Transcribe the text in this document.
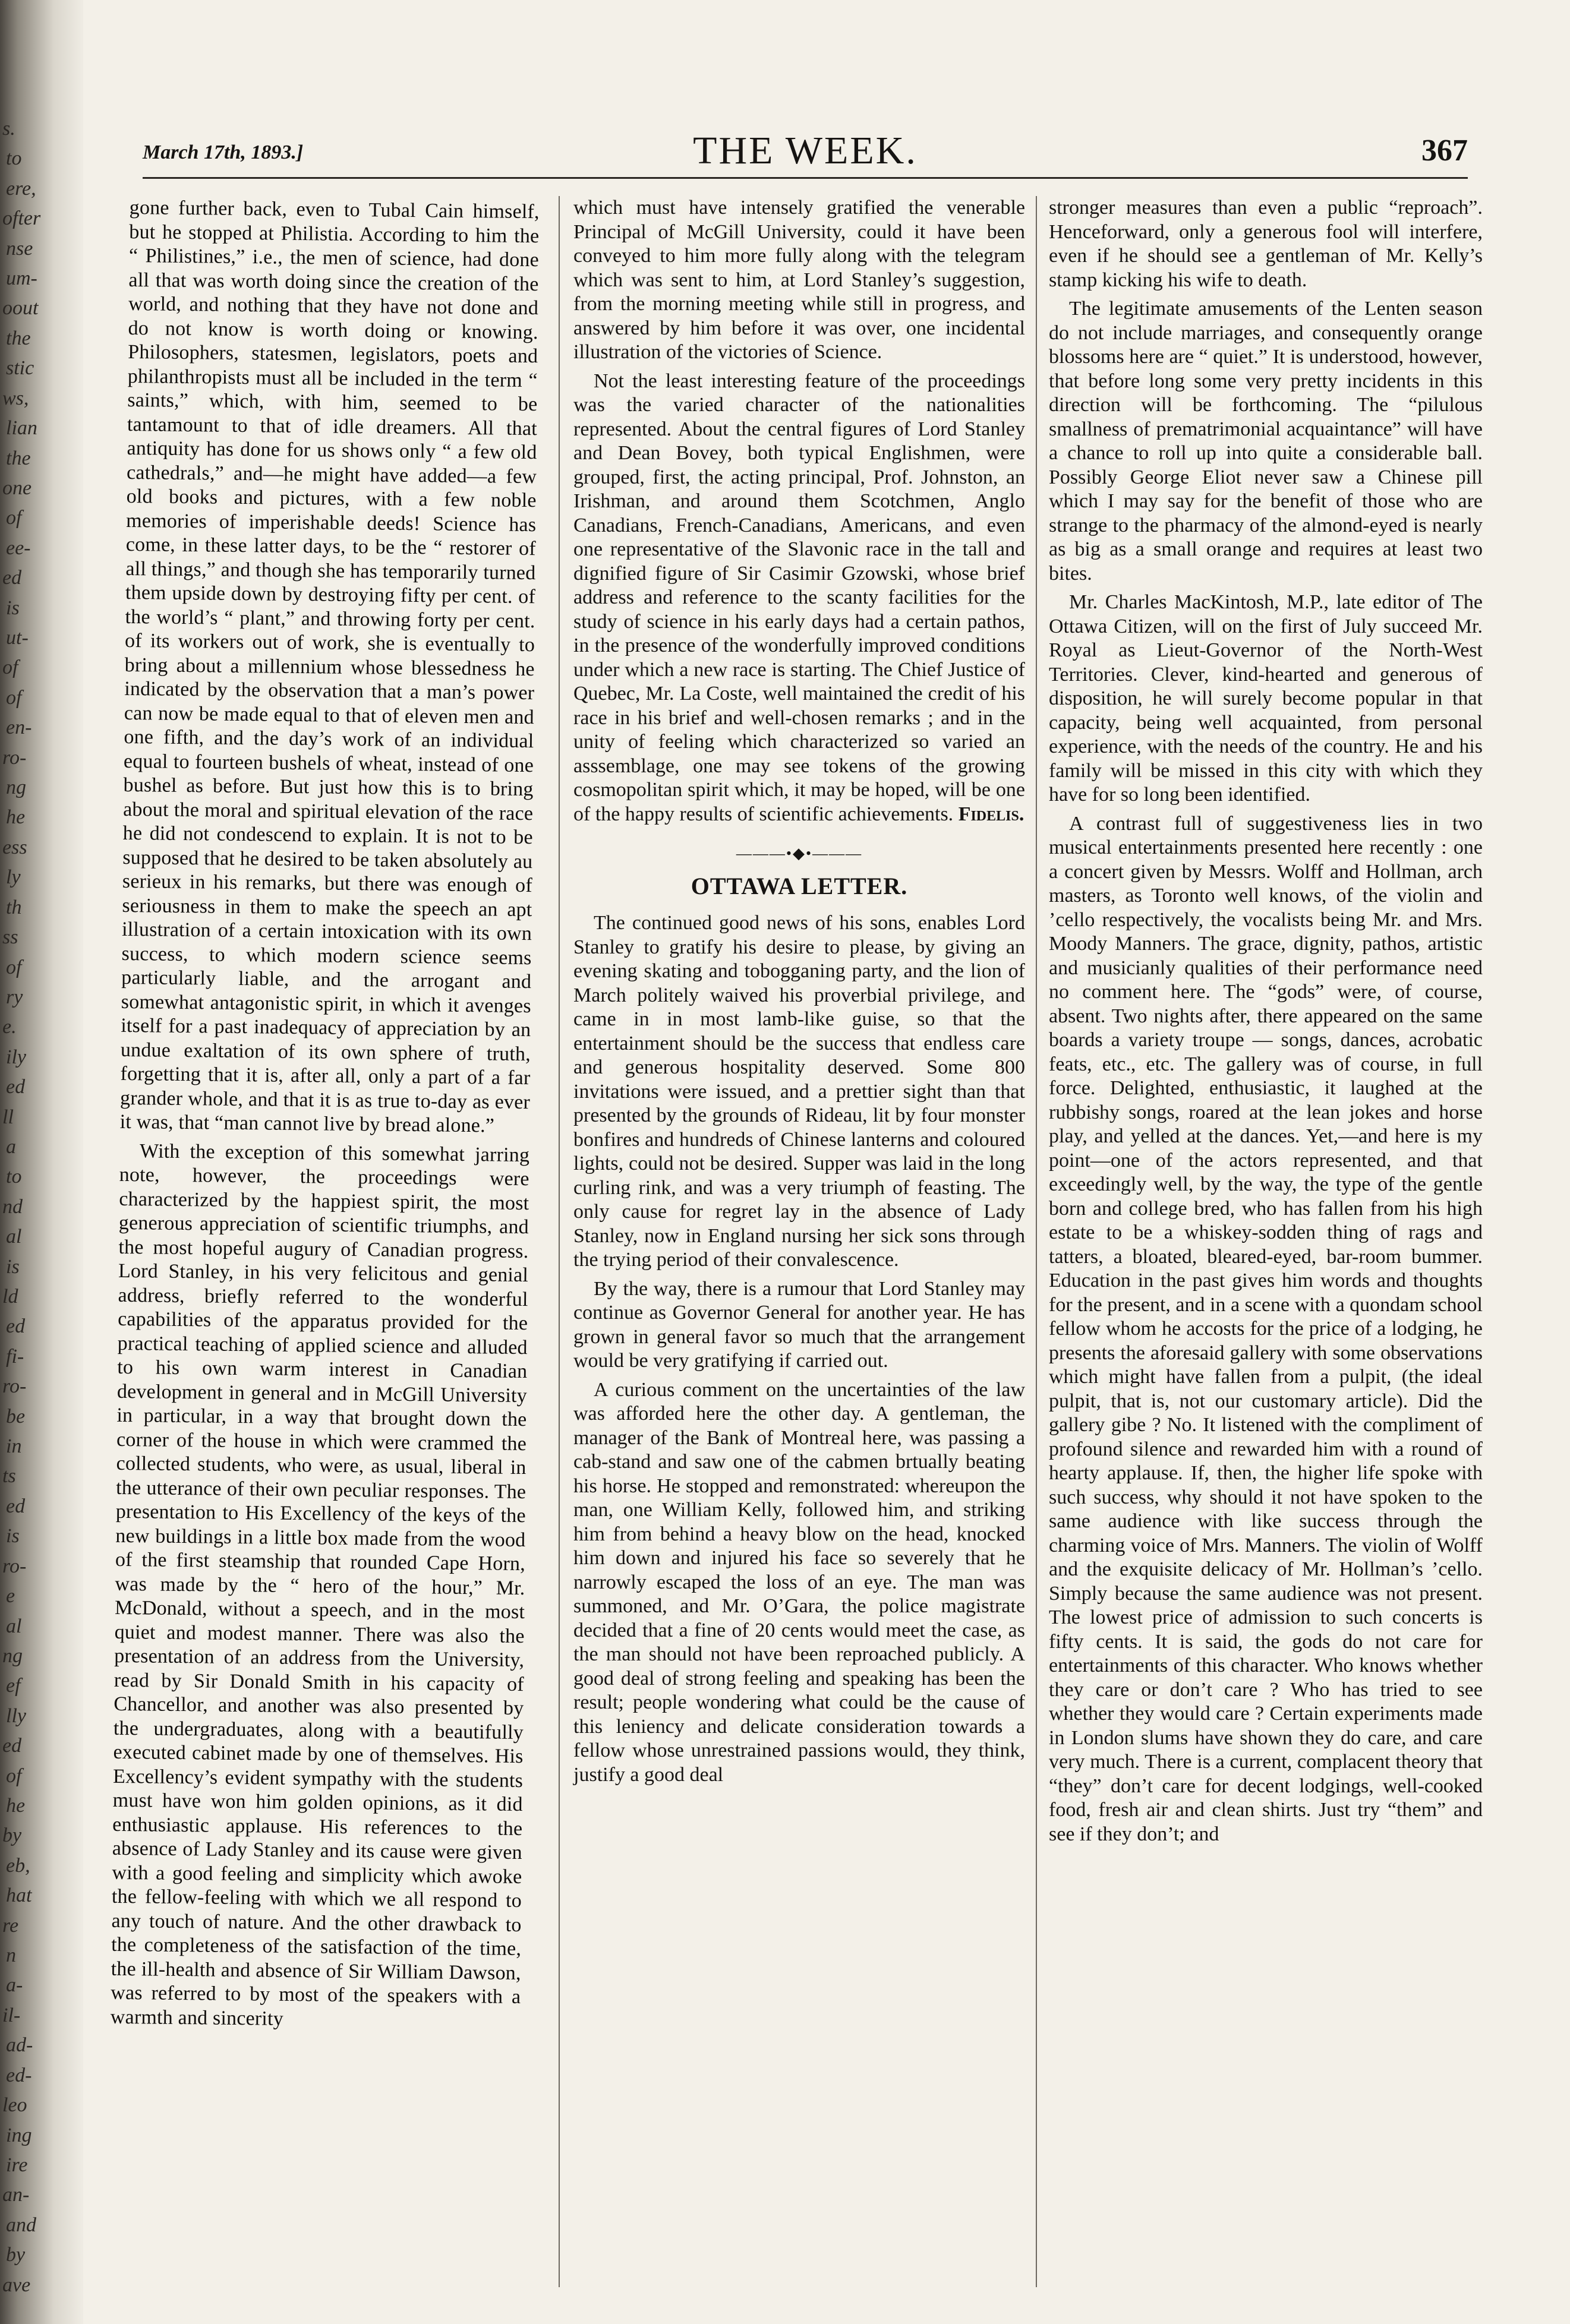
s.
to
ere,
ofter
nse
um-
oout
the
stic
ws,
lian
the
one
of
ee-
ed
is
ut-
of
of
en-
ro-
ng
he
ess
ly
th
ss
of
ry
e.
ily
ed
ll
a
to
nd
al
is
ld
ed
fi-
ro-
be
in
ts
ed
is
ro-
e
al
ng
ef
lly
ed
of
he
by
eb,
hat
re
n
a-
il-
ad-
ed-
leo
ing
ire
an-
and
by
ave
March 17th, 1893.]	THE WEEK.	367

gone further back, even to Tubal Cain himself, but he stopped at Philistia. According to him the “ Philistines,” i.e., the men of science, had done all that was worth doing since the creation of the world, and nothing that they have not done and do not know is worth doing or knowing. Philosophers, statesmen, legislators, poets and philanthropists must all be included in the term “ saints,” which, with him, seemed to be tantamount to that of idle dreamers. All that antiquity has done for us shows only “ a few old cathedrals,” and—he might have added—a few old books and pictures, with a few noble memories of imperishable deeds! Science has come, in these latter days, to be the “ restorer of all things,” and though she has temporarily turned them upside down by destroying fifty per cent. of the world’s “ plant,” and throwing forty per cent. of its workers out of work, she is eventually to bring about a millennium whose blessedness he indicated by the observation that a man’s power can now be made equal to that of eleven men and one fifth, and the day’s work of an individual equal to fourteen bushels of wheat, instead of one bushel as before. But just how this is to bring about the moral and spiritual elevation of the race he did not condescend to explain. It is not to be supposed that he desired to be taken absolutely au serieux in his remarks, but there was enough of seriousness in them to make the speech an apt illustration of a certain intoxication with its own success, to which modern science seems particularly liable, and the arrogant and somewhat antagonistic spirit, in which it avenges itself for a past inadequacy of appreciation by an undue exaltation of its own sphere of truth, forgetting that it is, after all, only a part of a far grander whole, and that it is as true to-day as ever it was, that “man cannot live by bread alone.”

With the exception of this somewhat jarring note, however, the proceedings were characterized by the happiest spirit, the most generous appreciation of scientific triumphs, and the most hopeful augury of Canadian progress. Lord Stanley, in his very felicitous and genial address, briefly referred to the wonderful capabilities of the apparatus provided for the practical teaching of applied science and alluded to his own warm interest in Canadian development in general and in McGill University in particular, in a way that brought down the corner of the house in which were crammed the collected students, who were, as usual, liberal in the utterance of their own peculiar responses. The presentation to His Excellency of the keys of the new buildings in a little box made from the wood of the first steamship that rounded Cape Horn, was made by the “ hero of the hour,” Mr. McDonald, without a speech, and in the most quiet and modest manner. There was also the presentation of an address from the University, read by Sir Donald Smith in his capacity of Chancellor, and another was also presented by the undergraduates, along with a beautifully executed cabinet made by one of themselves. His Excellency’s evident sympathy with the students must have won him golden opinions, as it did enthusiastic applause. His references to the absence of Lady Stanley and its cause were given with a good feeling and simplicity which awoke the fellow-feeling with which we all respond to any touch of nature. And the other drawback to the completeness of the satisfaction of the time, the ill-health and absence of Sir William Dawson, was referred to by most of the speakers with a warmth and sincerity

which must have intensely gratified the venerable Principal of McGill University, could it have been conveyed to him more fully along with the telegram which was sent to him, at Lord Stanley’s suggestion, from the morning meeting while still in progress, and answered by him before it was over, one incidental illustration of the victories of Science.

Not the least interesting feature of the proceedings was the varied character of the nationalities represented. About the central figures of Lord Stanley and Dean Bovey, both typical Englishmen, were grouped, first, the acting principal, Prof. Johnston, an Irishman, and around them Scotchmen, Anglo Canadians, French-Canadians, Americans, and even one representative of the Slavonic race in the tall and dignified figure of Sir Casimir Gzowski, whose brief address and reference to the scanty facilities for the study of science in his early days had a certain pathos, in the presence of the wonderfully improved conditions under which a new race is starting. The Chief Justice of Quebec, Mr. La Coste, well maintained the credit of his race in his brief and well-chosen remarks ; and in the unity of feeling which characterized so varied an asssemblage, one may see tokens of the growing cosmopolitan spirit which, it may be hoped, will be one of the happy results of scientific achievements. Fidelis.

———•◆•———
OTTAWA LETTER.

The continued good news of his sons, enables Lord Stanley to gratify his desire to please, by giving an evening skating and tobogganing party, and the lion of March politely waived his proverbial privilege, and came in in most lamb-like guise, so that the entertainment should be the success that endless care and generous hospitality deserved. Some 800 invitations were issued, and a prettier sight than that presented by the grounds of Rideau, lit by four monster bonfires and hundreds of Chinese lanterns and coloured lights, could not be desired. Supper was laid in the long curling rink, and was a very triumph of feasting. The only cause for regret lay in the absence of Lady Stanley, now in England nursing her sick sons through the trying period of their convalescence.

By the way, there is a rumour that Lord Stanley may continue as Governor General for another year. He has grown in general favor so much that the arrangement would be very gratifying if carried out.

A curious comment on the uncertainties of the law was afforded here the other day. A gentleman, the manager of the Bank of Montreal here, was passing a cab-stand and saw one of the cabmen brtually beating his horse. He stopped and remonstrated: whereupon the man, one William Kelly, followed him, and striking him from behind a heavy blow on the head, knocked him down and injured his face so severely that he narrowly escaped the loss of an eye. The man was summoned, and Mr. O’Gara, the police magistrate decided that a fine of 20 cents would meet the case, as the man should not have been reproached publicly. A good deal of strong feeling and speaking has been the result; people wondering what could be the cause of this leniency and delicate consideration towards a fellow whose unrestrained passions would, they think, justify a good deal

stronger measures than even a public “reproach”. Henceforward, only a generous fool will interfere, even if he should see a gentleman of Mr. Kelly’s stamp kicking his wife to death.

The legitimate amusements of the Lenten season do not include marriages, and consequently orange blossoms here are “ quiet.” It is understood, however, that before long some very pretty incidents in this direction will be forthcoming. The “pilulous smallness of prematrimonial acquaintance” will have a chance to roll up into quite a considerable ball. Possibly George Eliot never saw a Chinese pill which I may say for the benefit of those who are strange to the pharmacy of the almond-eyed is nearly as big as a small orange and requires at least two bites.

Mr. Charles MacKintosh, M.P., late editor of The Ottawa Citizen, will on the first of July succeed Mr. Royal as Lieut-Governor of the North-West Territories. Clever, kind-hearted and generous of disposition, he will surely become popular in that capacity, being well acquainted, from personal experience, with the needs of the country. He and his family will be missed in this city with which they have for so long been identified.

A contrast full of suggestiveness lies in two musical entertainments presented here recently : one a concert given by Messrs. Wolff and Hollman, arch masters, as Toronto well knows, of the violin and ’cello respectively, the vocalists being Mr. and Mrs. Moody Manners. The grace, dignity, pathos, artistic and musicianly qualities of their performance need no comment here. The “gods” were, of course, absent. Two nights after, there appeared on the same boards a variety troupe — songs, dances, acrobatic feats, etc., etc. The gallery was of course, in full force. Delighted, enthusiastic, it laughed at the rubbishy songs, roared at the lean jokes and horse play, and yelled at the dances. Yet,—and here is my point—one of the actors represented, and that exceedingly well, by the way, the type of the gentle born and college bred, who has fallen from his high estate to be a whiskey-sodden thing of rags and tatters, a bloated, bleared-eyed, bar-room bummer. Education in the past gives him words and thoughts for the present, and in a scene with a quondam school fellow whom he accosts for the price of a lodging, he presents the aforesaid gallery with some observations which might have fallen from a pulpit, (the ideal pulpit, that is, not our customary article). Did the gallery gibe ? No. It listened with the compliment of profound silence and rewarded him with a round of hearty applause. If, then, the higher life spoke with such success, why should it not have spoken to the same audience with like success through the charming voice of Mrs. Manners. The violin of Wolff and the exquisite delicacy of Mr. Hollman’s ’cello. Simply because the same audience was not present. The lowest price of admission to such concerts is fifty cents. It is said, the gods do not care for entertainments of this character. Who knows whether they care or don’t care ? Who has tried to see whether they would care ? Certain experiments made in London slums have shown they do care, and care very much. There is a current, complacent theory that “they” don’t care for decent lodgings, well-cooked food, fresh air and clean shirts. Just try “them” and see if they don’t; and
